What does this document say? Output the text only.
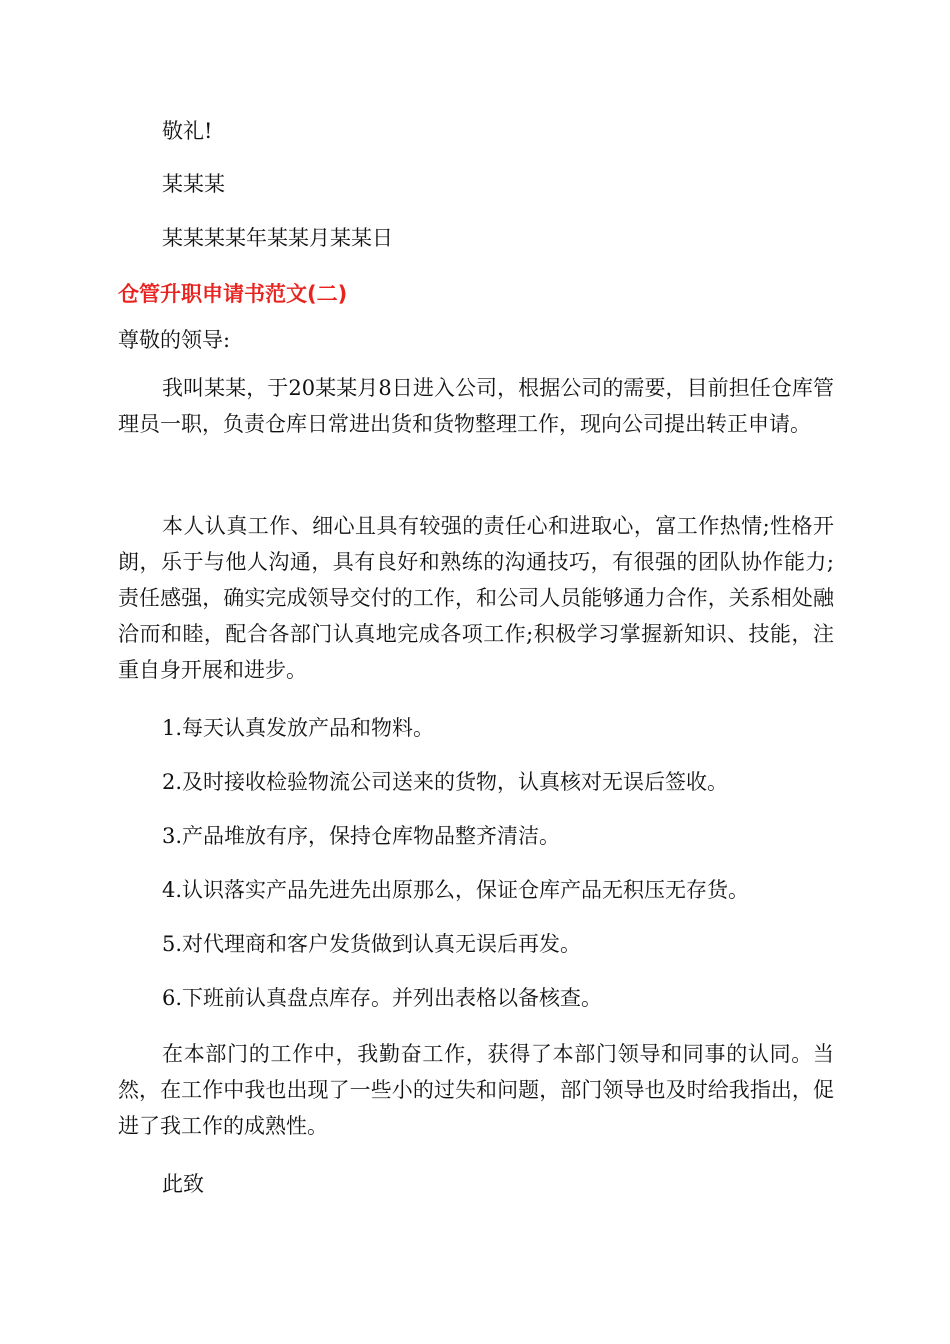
敬礼!
某某某
某某某某年某某月某某日
仓管升职申请书范文(二)
尊敬的领导:
我叫某某，于20某某月8日进入公司，根据公司的需要，目前担任仓库管理员一职，负责仓库日常进出货和货物整理工作，现向公司提出转正申请。
本人认真工作、细心且具有较强的责任心和进取心，富工作热情;性格开朗，乐于与他人沟通，具有良好和熟练的沟通技巧，有很强的团队协作能力;责任感强，确实完成领导交付的工作，和公司人员能够通力合作，关系相处融洽而和睦，配合各部门认真地完成各项工作;积极学习掌握新知识、技能，注重自身开展和进步。
1.每天认真发放产品和物料。
2.及时接收检验物流公司送来的货物，认真核对无误后签收。
3.产品堆放有序，保持仓库物品整齐清洁。
4.认识落实产品先进先出原那么，保证仓库产品无积压无存货。
5.对代理商和客户发货做到认真无误后再发。
6.下班前认真盘点库存。并列出表格以备核查。
在本部门的工作中，我勤奋工作，获得了本部门领导和同事的认同。当然，在工作中我也出现了一些小的过失和问题，部门领导也及时给我指出，促进了我工作的成熟性。
此致
